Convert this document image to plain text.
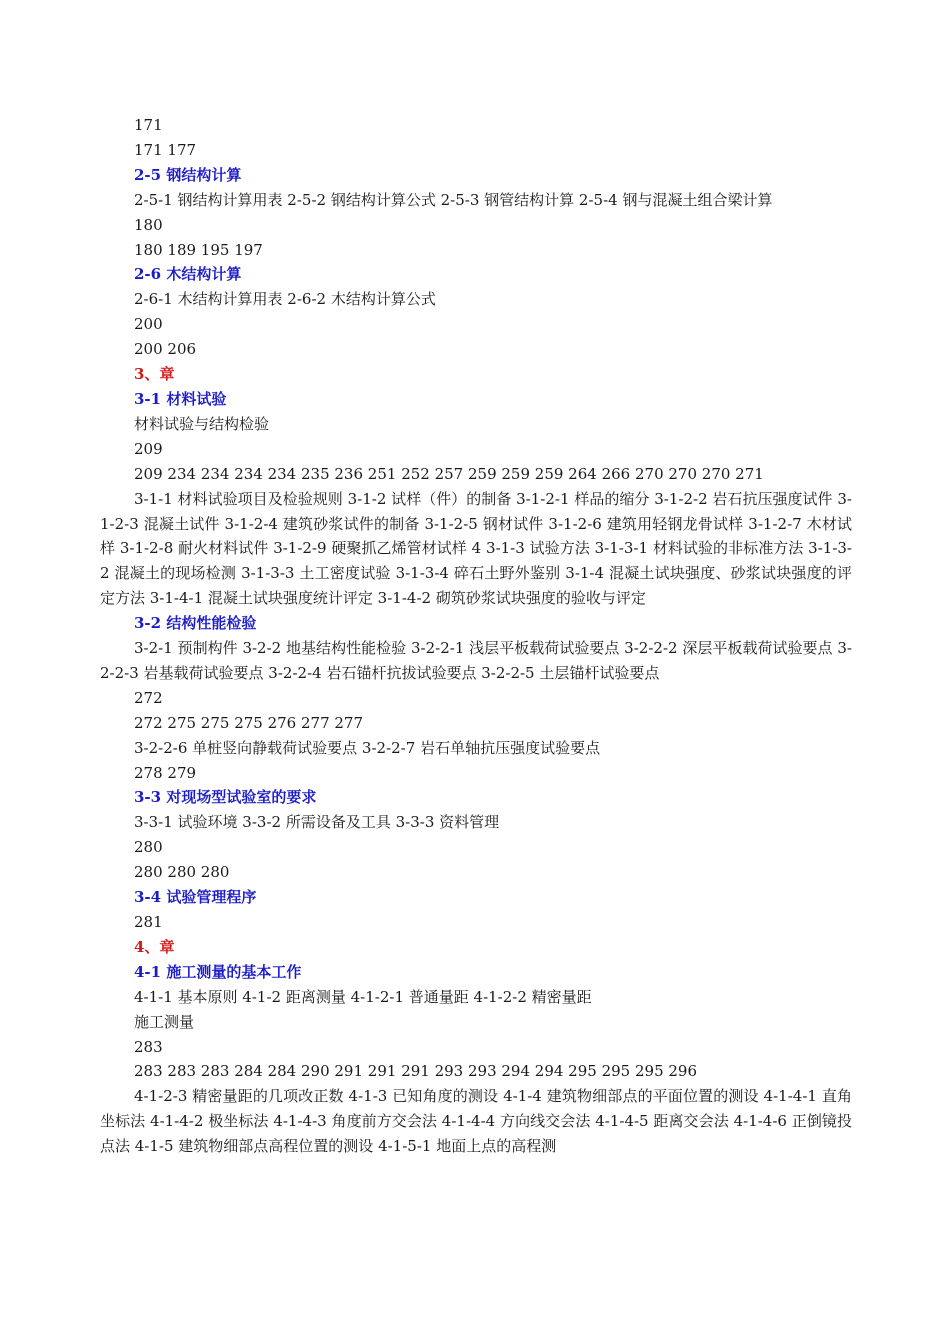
171
171 177
2-5 钢结构计算
2-5-1 钢结构计算用表 2-5-2 钢结构计算公式 2-5-3 钢管结构计算 2-5-4 钢与混凝土组合梁计算
180
180 189 195 197
2-6 木结构计算
2-6-1 木结构计算用表 2-6-2 木结构计算公式
200
200 206
3、章
3-1 材料试验
材料试验与结构检验
209
209 234 234 234 234 235 236 251 252 257 259 259 259 264 266 270 270 270 271
3-1-1 材料试验项目及检验规则 3-1-2 试样（件）的制备 3-1-2-1 样品的缩分 3-1-2-2 岩石抗压强度试件 3-1-2-3 混凝土试件 3-1-2-4 建筑砂浆试件的制备 3-1-2-5 钢材试件 3-1-2-6 建筑用轻钢龙骨试样 3-1-2-7 木材试样 3-1-2-8 耐火材料试件 3-1-2-9 硬聚抓乙烯管材试样 4 3-1-3 试验方法 3-1-3-1 材料试验的非标准方法 3-1-3-2 混凝土的现场检测 3-1-3-3 土工密度试验 3-1-3-4 碎石土野外鉴别 3-1-4 混凝土试块强度、砂浆试块强度的评定方法 3-1-4-1 混凝土试块强度统计评定 3-1-4-2 砌筑砂浆试块强度的验收与评定
3-2 结构性能检验
3-2-1 预制构件 3-2-2 地基结构性能检验 3-2-2-1 浅层平板载荷试验要点 3-2-2-2 深层平板载荷试验要点 3-2-2-3 岩基载荷试验要点 3-2-2-4 岩石锚杆抗拔试验要点 3-2-2-5 土层锚杆试验要点
272
272 275 275 275 276 277 277
3-2-2-6 单桩竖向静载荷试验要点 3-2-2-7 岩石单轴抗压强度试验要点
278 279
3-3 对现场型试验室的要求
3-3-1 试验环境 3-3-2 所需设备及工具 3-3-3 资料管理
280
280 280 280
3-4 试验管理程序
281
4、章
4-1 施工测量的基本工作
4-1-1 基本原则 4-1-2 距离测量 4-1-2-1 普通量距 4-1-2-2 精密量距
施工测量
283
283 283 283 284 284 290 291 291 291 293 293 294 294 295 295 295 296
4-1-2-3 精密量距的几项改正数 4-1-3 已知角度的测设 4-1-4 建筑物细部点的平面位置的测设 4-1-4-1 直角坐标法 4-1-4-2 极坐标法 4-1-4-3 角度前方交会法 4-1-4-4 方向线交会法 4-1-4-5 距离交会法 4-1-4-6 正倒镜投点法 4-1-5 建筑物细部点高程位置的测设 4-1-5-1 地面上点的高程测
